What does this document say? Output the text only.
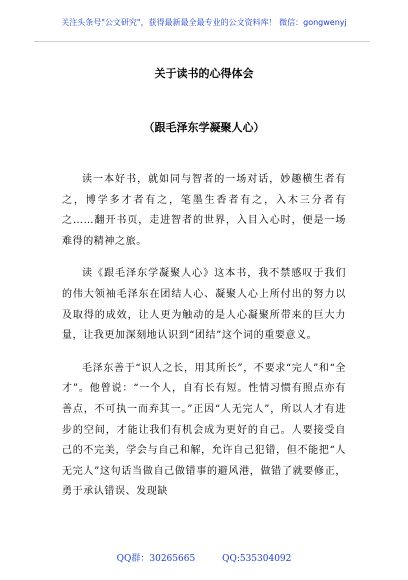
关注头条号"公文研究"，获得最新最全最专业的公文资料库！ 微信：gongwenyj
关于读书的心得体会
（跟毛泽东学凝聚人心）

读一本好书，就如同与智者的一场对话，妙趣横生者有之，博学多才者有之，笔墨生香者有之，入木三分者有之……翻开书页，走进智者的世界，入目入心时，便是一场难得的精神之旅。

读《跟毛泽东学凝聚人心》这本书，我不禁感叹于我们的伟大领袖毛泽东在团结人心、凝聚人心上所付出的努力以及取得的成效，让人更为触动的是人心凝聚所带来的巨大力量，让我更加深刻地认识到“团结”这个词的重要意义。

毛泽东善于“识人之长，用其所长”，不要求“完人”和“全才”。他曾说：“一个人，自有长有短。性情习惯有照点亦有善点，不可执一而弃其一。”正因“人无完人”，所以人才有进步的空间，才能让我们有机会成为更好的自己。人要接受自己的不完美，学会与自己和解，允许自己犯错，但不能把“人无完人”这句话当做自己做错事的避风港，做错了就要修正，勇于承认错误、发现缺

QQ群：30265665	QQ:535304092
